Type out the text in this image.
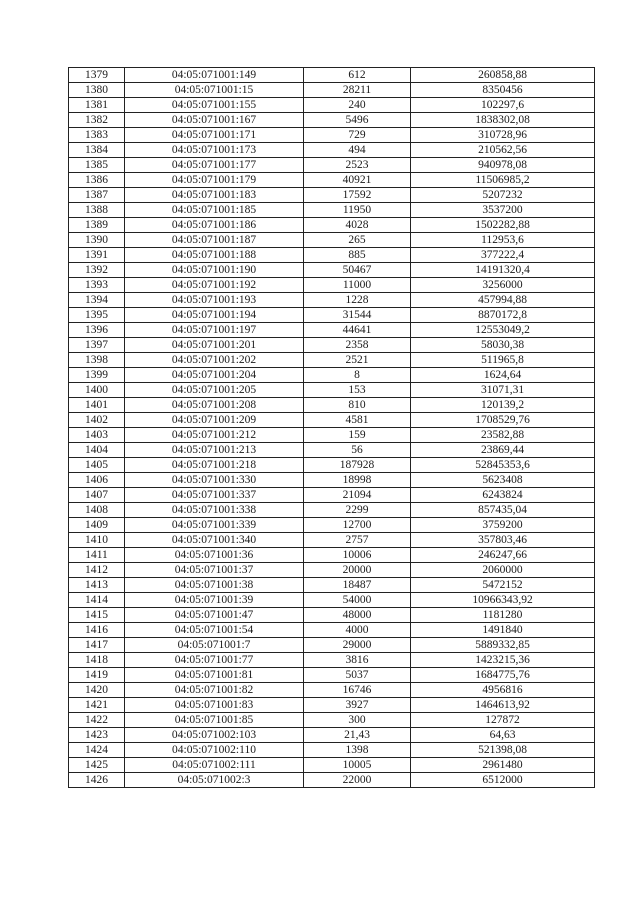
1379	04:05:071001:149	612	260858,88
1380	04:05:071001:15	28211	8350456
1381	04:05:071001:155	240	102297,6
1382	04:05:071001:167	5496	1838302,08
1383	04:05:071001:171	729	310728,96
1384	04:05:071001:173	494	210562,56
1385	04:05:071001:177	2523	940978,08
1386	04:05:071001:179	40921	11506985,2
1387	04:05:071001:183	17592	5207232
1388	04:05:071001:185	11950	3537200
1389	04:05:071001:186	4028	1502282,88
1390	04:05:071001:187	265	112953,6
1391	04:05:071001:188	885	377222,4
1392	04:05:071001:190	50467	14191320,4
1393	04:05:071001:192	11000	3256000
1394	04:05:071001:193	1228	457994,88
1395	04:05:071001:194	31544	8870172,8
1396	04:05:071001:197	44641	12553049,2
1397	04:05:071001:201	2358	58030,38
1398	04:05:071001:202	2521	511965,8
1399	04:05:071001:204	8	1624,64
1400	04:05:071001:205	153	31071,31
1401	04:05:071001:208	810	120139,2
1402	04:05:071001:209	4581	1708529,76
1403	04:05:071001:212	159	23582,88
1404	04:05:071001:213	56	23869,44
1405	04:05:071001:218	187928	52845353,6
1406	04:05:071001:330	18998	5623408
1407	04:05:071001:337	21094	6243824
1408	04:05:071001:338	2299	857435,04
1409	04:05:071001:339	12700	3759200
1410	04:05:071001:340	2757	357803,46
1411	04:05:071001:36	10006	246247,66
1412	04:05:071001:37	20000	2060000
1413	04:05:071001:38	18487	5472152
1414	04:05:071001:39	54000	10966343,92
1415	04:05:071001:47	48000	1181280
1416	04:05:071001:54	4000	1491840
1417	04:05:071001:7	29000	5889332,85
1418	04:05:071001:77	3816	1423215,36
1419	04:05:071001:81	5037	1684775,76
1420	04:05:071001:82	16746	4956816
1421	04:05:071001:83	3927	1464613,92
1422	04:05:071001:85	300	127872
1423	04:05:071002:103	21,43	64,63
1424	04:05:071002:110	1398	521398,08
1425	04:05:071002:111	10005	2961480
1426	04:05:071002:3	22000	6512000
